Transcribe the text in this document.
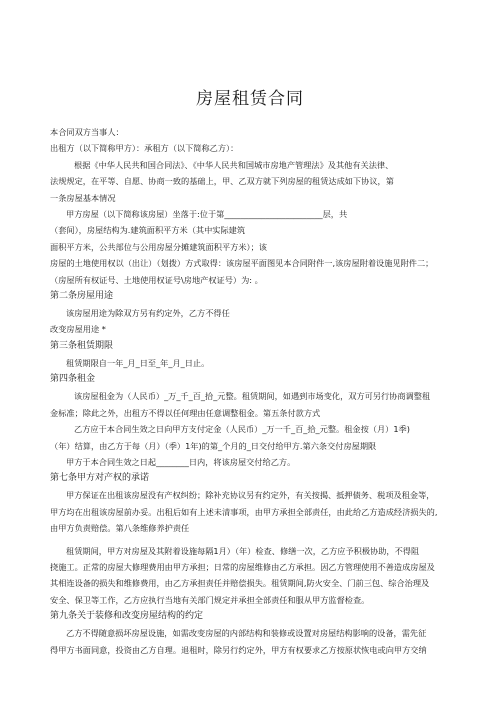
房屋租赁合同

本合同双方当事人：

出租方（以下简称甲方）：承租方（以下简称乙方）：

根据《中华人民共和国合同法》、《中华人民共和国城市房地产管理法》及其他有关法律、

法规规定，在平等、自愿、协商一致的基础上，甲、乙双方就下列房屋的租赁达成如下协议，第

一条房屋基本情况

甲方房屋（以下简称该房屋）坐落于:位于第________________________层，共

（套间），房屋结构为.建筑面积平方米（其中实际建筑

面积平方米，公共部位与公用房屋分摊建筑面积平方米）；该

房屋的土地使用权以（出让）（划拨）方式取得：该房屋平面图见本合同附件一,该房屋附着设施见附件二；

（房屋所有权证号、土地使用权证号\房地产权证号）为: 。

第二条房屋用途

该房屋用途为除双方另有约定外，乙方不得任

改变房屋用途 *

第三条租赁期限

租赁期限自一年_月_日至_年_月_日止。

第四条租金

该房屋租金为（人民币）_万_千_百_拾_元整。租赁期间，如遇到市场变化，双方可另行协商调整租

金标准；除此之外，出租方不得以任何理由任意调整租金。第五条付款方式

乙方应于本合同生效之日向甲方支付定金（人民币）_万一千_百_拾_元整。租金按（月）1季)

（年）结算，由乙方于每（月）（季）1年)的第_个月的_日交付给甲方.第六条交付房屋期限

甲方于本合同生效之日起________日内，将该房屋交付给乙方。

第七条甲方对产权的承诺

甲方保证在出租该房屋没有产权纠纷；除补充协议另有约定外，有关按揭、抵押债务、税项及租金等，

甲方均在出租该房屋前办妥。出租后如有上述未清事项，由甲方承担全部责任，由此给乙方造成经济损失的,

由甲方负责赔偿。第八条维修养护责任

租赁期间，甲方对房屋及其附着设施每隔1月）（年）检查、修缮一次，乙方应予积极协助，不得阻

挠施工。正常的房屋大修理费用由甲方承担；日常的房屋维修由乙方承担。因乙方管理使用不善造成房屋及

其相连设备的损失和维修费用，由乙方承担责任并赔偿损失。租赁期间,防火安全、门前三包、综合治理及

安全、保卫等工作，乙方应执行当地有关部门规定并承担全部责任和服从甲方监督检查。

第九条关于装修和改变房屋结构的约定

乙方不得随意损坏房屋设施，如需改变房屋的内部结构和装修或设置对房屋结构影响的设备，需先征

得甲方书面同意，投资由乙方自理。退租时，除另行约定外，甲方有权要求乙方按原状恢电或向甲方交纳
